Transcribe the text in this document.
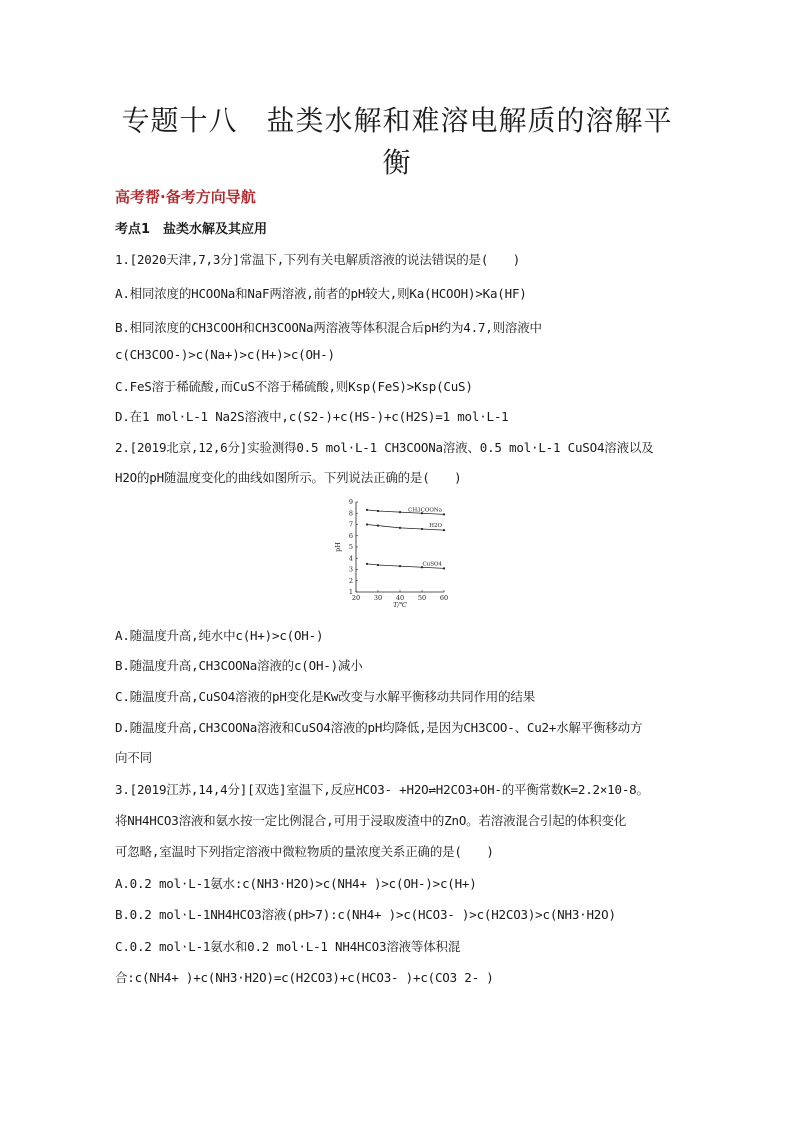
专题十八　盐类水解和难溶电解质的溶解平
衡
高考帮·备考方向导航
考点1　盐类水解及其应用
1.[2020天津,7,3分]常温下,下列有关电解质溶液的说法错误的是(　　)
A.相同浓度的HCOONa和NaF两溶液,前者的pH较大,则Ka(HCOOH)>Ka(HF)
B.相同浓度的CH3COOH和CH3COONa两溶液等体积混合后pH约为4.7,则溶液中
c(CH3COO-)>c(Na+)>c(H+)>c(OH-)
C.FeS溶于稀硫酸,而CuS不溶于稀硫酸,则Ksp(FeS)>Ksp(CuS)
D.在1 mol·L-1 Na2S溶液中,c(S2-)+c(HS-)+c(H2S)=1 mol·L-1
2.[2019北京,12,6分]实验测得0.5 mol·L-1 CH3COONa溶液、0.5 mol·L-1 CuSO4溶液以及
H2O的pH随温度变化的曲线如图所示。下列说法正确的是(　　)
20 30 40 50 60
1
2
3
4
5
6
7
8
9
T/℃
pH
CH3COONa
H2O
CuSO4
A.随温度升高,纯水中c(H+)>c(OH-)
B.随温度升高,CH3COONa溶液的c(OH-)减小
C.随温度升高,CuSO4溶液的pH变化是Kw改变与水解平衡移动共同作用的结果
D.随温度升高,CH3COONa溶液和CuSO4溶液的pH均降低,是因为CH3COO-、Cu2+水解平衡移动方
向不同
3.[2019江苏,14,4分][双选]室温下,反应HCO3- +H2O⇌H2CO3+OH-的平衡常数K=2.2×10-8。
将NH4HCO3溶液和氨水按一定比例混合,可用于浸取废渣中的ZnO。若溶液混合引起的体积变化
可忽略,室温时下列指定溶液中微粒物质的量浓度关系正确的是(　　)
A.0.2 mol·L-1氨水:c(NH3·H2O)>c(NH4+ )>c(OH-)>c(H+)
B.0.2 mol·L-1NH4HCO3溶液(pH>7):c(NH4+ )>c(HCO3- )>c(H2CO3)>c(NH3·H2O)
C.0.2 mol·L-1氨水和0.2 mol·L-1 NH4HCO3溶液等体积混
合:c(NH4+ )+c(NH3·H2O)=c(H2CO3)+c(HCO3- )+c(CO3 2- )
